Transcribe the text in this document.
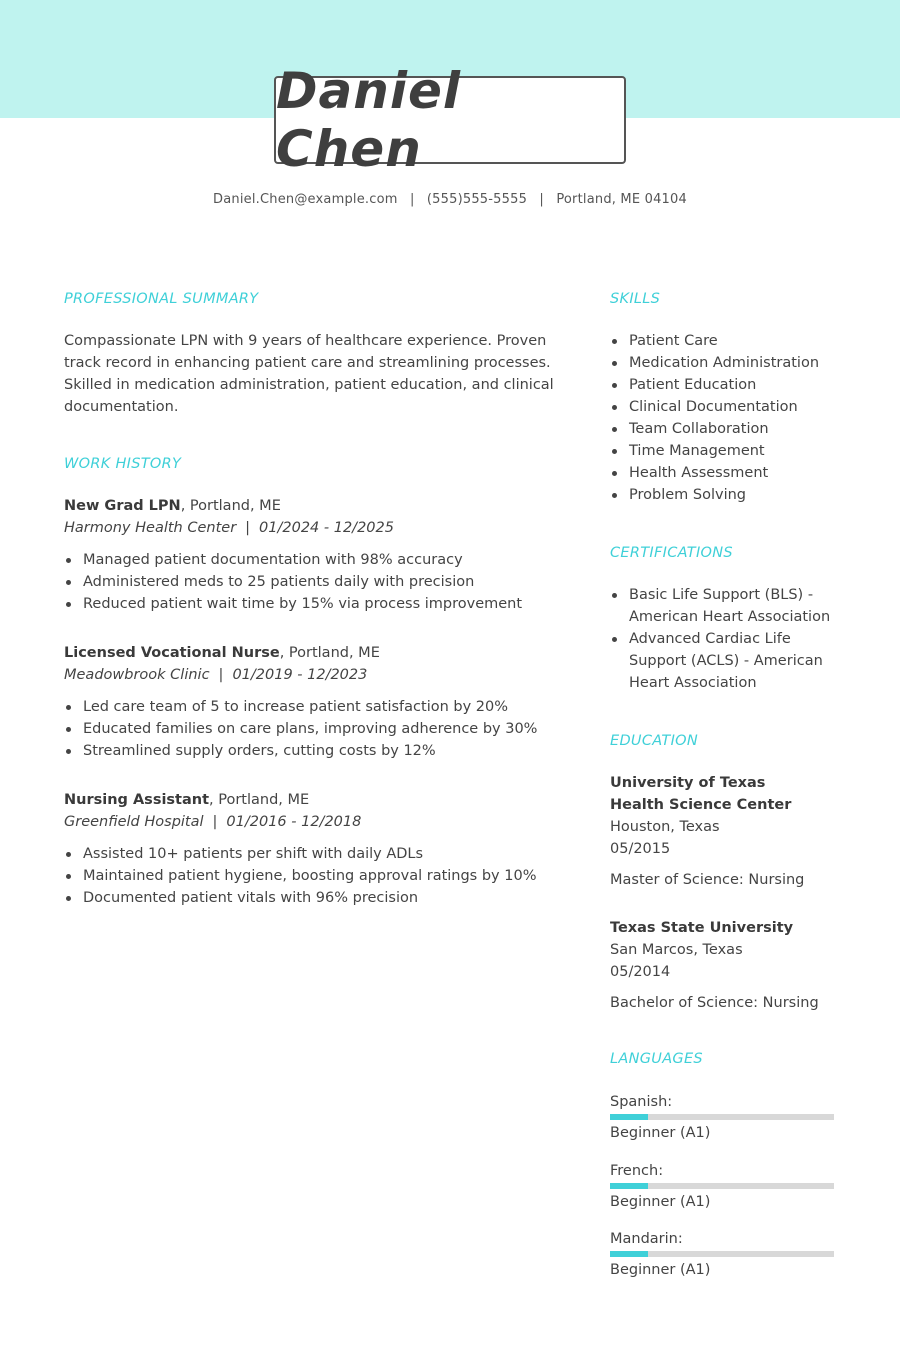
Daniel Chen
Daniel.Chen@example.com | (555)555-5555 | Portland, ME 04104
PROFESSIONAL SUMMARY
Compassionate LPN with 9 years of healthcare experience. Proven track record in enhancing patient care and streamlining processes. Skilled in medication administration, patient education, and clinical documentation.
WORK HISTORY
New Grad LPN, Portland, ME
Harmony Health Center | 01/2024 - 12/2025
Managed patient documentation with 98% accuracy
Administered meds to 25 patients daily with precision
Reduced patient wait time by 15% via process improvement
Licensed Vocational Nurse, Portland, ME
Meadowbrook Clinic | 01/2019 - 12/2023
Led care team of 5 to increase patient satisfaction by 20%
Educated families on care plans, improving adherence by 30%
Streamlined supply orders, cutting costs by 12%
Nursing Assistant, Portland, ME
Greenfield Hospital | 01/2016 - 12/2018
Assisted 10+ patients per shift with daily ADLs
Maintained patient hygiene, boosting approval ratings by 10%
Documented patient vitals with 96% precision
SKILLS
Patient Care
Medication Administration
Patient Education
Clinical Documentation
Team Collaboration
Time Management
Health Assessment
Problem Solving
CERTIFICATIONS
Basic Life Support (BLS) - American Heart Association
Advanced Cardiac Life Support (ACLS) - American Heart Association
EDUCATION
University of Texas Health Science Center
Houston, Texas
05/2015
Master of Science: Nursing
Texas State University
San Marcos, Texas
05/2014
Bachelor of Science: Nursing
LANGUAGES
Spanish:
Beginner (A1)
French:
Beginner (A1)
Mandarin:
Beginner (A1)
